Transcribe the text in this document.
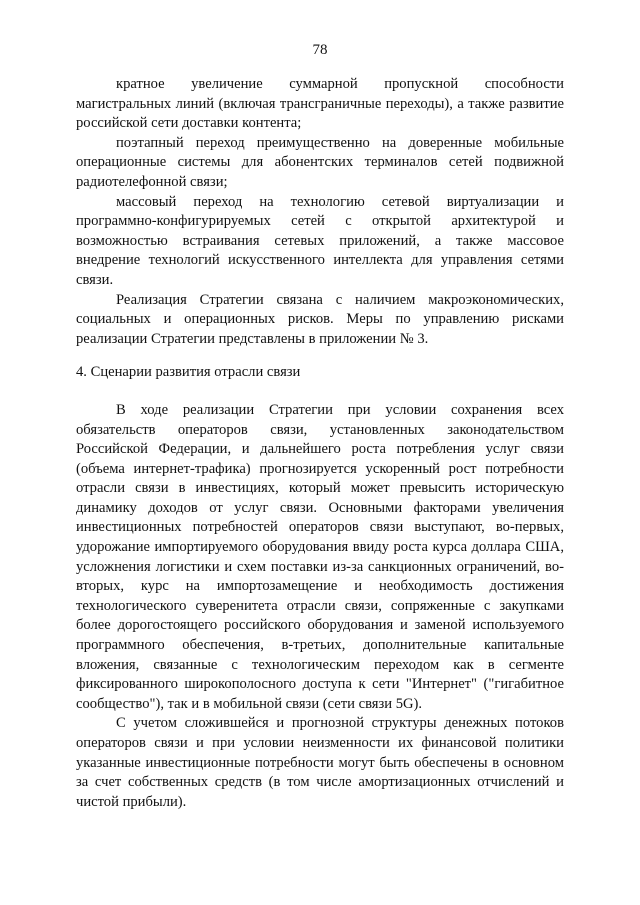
78

кратное увеличение суммарной пропускной способности магистральных линий (включая трансграничные переходы), а также развитие российской сети доставки контента;

поэтапный переход преимущественно на доверенные мобильные операционные системы для абонентских терминалов сетей подвижной радиотелефонной связи;

массовый переход на технологию сетевой виртуализации и программно-конфигурируемых сетей с открытой архитектурой и возможностью встраивания сетевых приложений, а также массовое внедрение технологий искусственного интеллекта для управления сетями связи.

Реализация Стратегии связана с наличием макроэкономических, социальных и операционных рисков. Меры по управлению рисками реализации Стратегии представлены в приложении № 3.

4. Сценарии развития отрасли связи

В ходе реализации Стратегии при условии сохранения всех обязательств операторов связи, установленных законодательством Российской Федерации, и дальнейшего роста потребления услуг связи (объема интернет-трафика) прогнозируется ускоренный рост потребности отрасли связи в инвестициях, который может превысить историческую динамику доходов от услуг связи. Основными факторами увеличения инвестиционных потребностей операторов связи выступают, во-первых, удорожание импортируемого оборудования ввиду роста курса доллара США, усложнения логистики и схем поставки из-за санкционных ограничений, во-вторых, курс на импортозамещение и необходимость достижения технологического суверенитета отрасли связи, сопряженные с закупками более дорогостоящего российского оборудования и заменой используемого программного обеспечения, в-третьих, дополнительные капитальные вложения, связанные с технологическим переходом как в сегменте фиксированного широкополосного доступа к сети "Интернет" ("гигабитное сообщество"), так и в мобильной связи (сети связи 5G).

С учетом сложившейся и прогнозной структуры денежных потоков операторов связи и при условии неизменности их финансовой политики указанные инвестиционные потребности могут быть обеспечены в основном за счет собственных средств (в том числе амортизационных отчислений и чистой прибыли).
